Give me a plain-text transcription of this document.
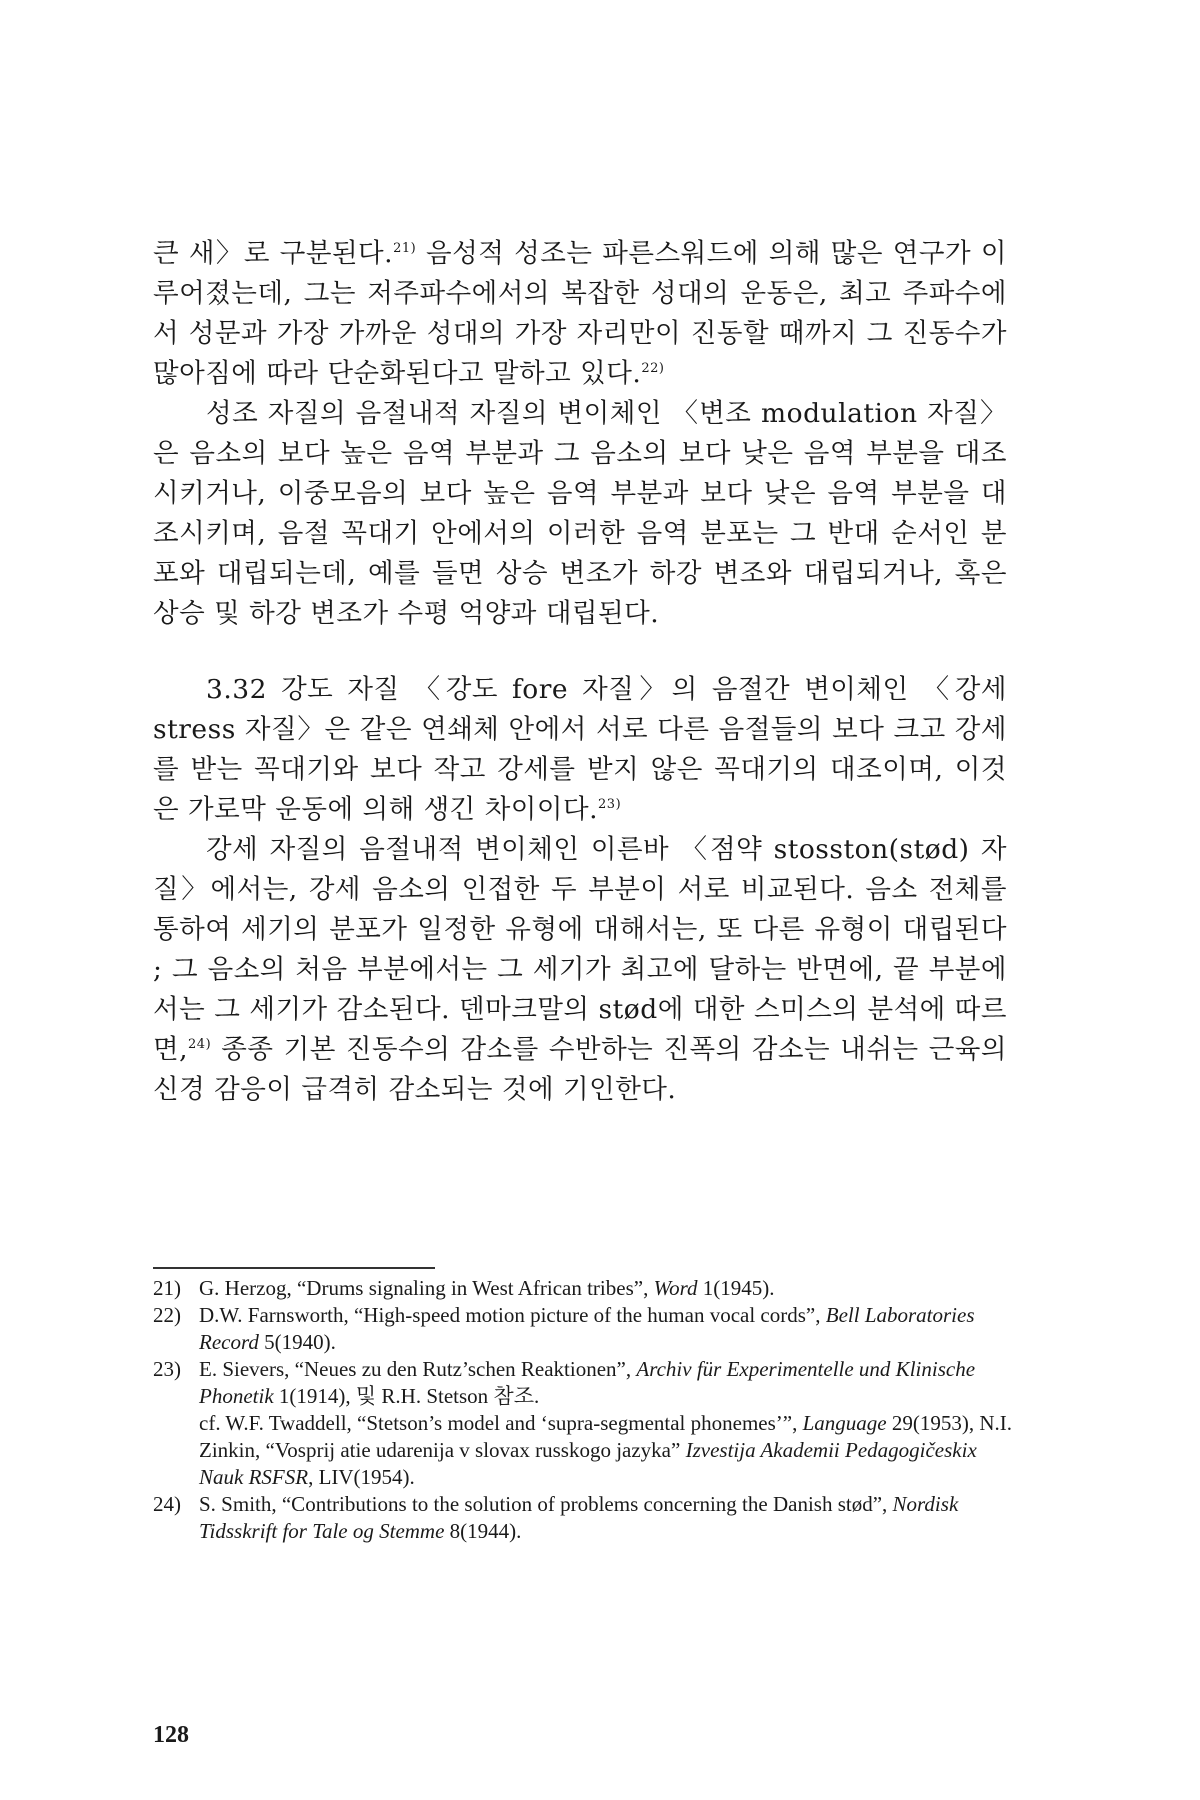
큰 새〉로 구분된다.$^{21)}$ 음성적 성조는 파른스워드에 의해 많은 연구가 이루어졌는데, 그는 저주파수에서의 복잡한 성대의 운동은, 최고 주파수에서 성문과 가장 가까운 성대의 가장 자리만이 진동할 때까지 그 진동수가 많아짐에 따라 단순화된다고 말하고 있다.$^{22)}$

성조 자질의 음절내적 자질의 변이체인 〈변조 modulation 자질〉은 음소의 보다 높은 음역 부분과 그 음소의 보다 낮은 음역 부분을 대조시키거나, 이중모음의 보다 높은 음역 부분과 보다 낮은 음역 부분을 대조시키며, 음절 꼭대기 안에서의 이러한 음역 분포는 그 반대 순서인 분포와 대립되는데, 예를 들면 상승 변조가 하강 변조와 대립되거나, 혹은 상승 및 하강 변조가 수평 억양과 대립된다.

3.32 강도 자질 〈강도 fore 자질〉의 음절간 변이체인 〈강세 stress 자질〉은 같은 연쇄체 안에서 서로 다른 음절들의 보다 크고 강세를 받는 꼭대기와 보다 작고 강세를 받지 않은 꼭대기의 대조이며, 이것은 가로막 운동에 의해 생긴 차이이다.$^{23)}$

강세 자질의 음절내적 변이체인 이른바 〈점약 stosston(stød) 자질〉에서는, 강세 음소의 인접한 두 부분이 서로 비교된다. 음소 전체를 통하여 세기의 분포가 일정한 유형에 대해서는, 또 다른 유형이 대립된다 ; 그 음소의 처음 부분에서는 그 세기가 최고에 달하는 반면에, 끝 부분에서는 그 세기가 감소된다. 덴마크말의 stød에 대한 스미스의 분석에 따르면,$^{24)}$ 종종 기본 진동수의 감소를 수반하는 진폭의 감소는 내쉬는 근육의 신경 감응이 급격히 감소되는 것에 기인한다.

21) G. Herzog, “Drums signaling in West African tribes”, Word 1(1945).
22) D.W. Farnsworth, “High-speed motion picture of the human vocal cords”, Bell Laboratories Record 5(1940).
23) E. Sievers, “Neues zu den Rutz’schen Reaktionen”, Archiv für Experimentelle und Klinische Phonetik 1(1914), 및 R.H. Stetson 참조.
cf. W.F. Twaddell, “Stetson’s model and ‘supra-segmental phonemes’”, Language 29(1953), N.I. Zinkin, “Vosprij atie udarenija v slovax russkogo jazyka” Izvestija Akademii Pedagogičeskix Nauk RSFSR, LIV(1954).
24) S. Smith, “Contributions to the solution of problems concerning the Danish stød”, Nordisk Tidsskrift for Tale og Stemme 8(1944).
128
